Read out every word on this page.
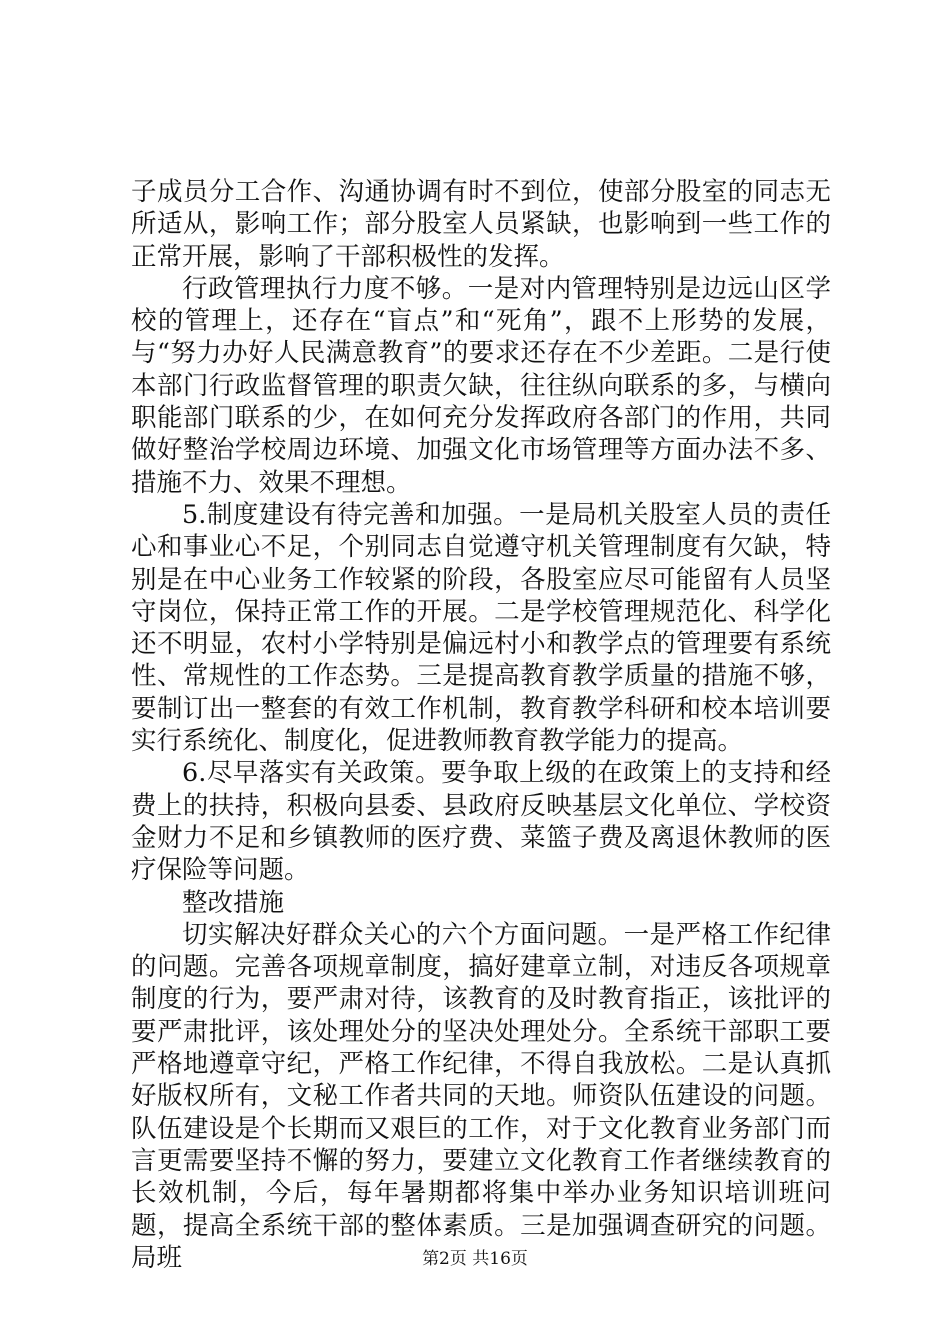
子成员分工合作、沟通协调有时不到位，使部分股室的同志无所适从，影响工作；部分股室人员紧缺，也影响到一些工作的正常开展，影响了干部积极性的发挥。

行政管理执行力度不够。一是对内管理特别是边远山区学校的管理上，还存在“盲点”和“死角”，跟不上形势的发展，与“努力办好人民满意教育”的要求还存在不少差距。二是行使本部门行政监督管理的职责欠缺，往往纵向联系的多，与横向职能部门联系的少，在如何充分发挥政府各部门的作用，共同做好整治学校周边环境、加强文化市场管理等方面办法不多、措施不力、效果不理想。

5.制度建设有待完善和加强。一是局机关股室人员的责任心和事业心不足，个别同志自觉遵守机关管理制度有欠缺，特别是在中心业务工作较紧的阶段，各股室应尽可能留有人员坚守岗位，保持正常工作的开展。二是学校管理规范化、科学化还不明显，农村小学特别是偏远村小和教学点的管理要有系统性、常规性的工作态势。三是提高教育教学质量的措施不够，要制订出一整套的有效工作机制，教育教学科研和校本培训要实行系统化、制度化，促进教师教育教学能力的提高。

6.尽早落实有关政策。要争取上级的在政策上的支持和经费上的扶持，积极向县委、县政府反映基层文化单位、学校资金财力不足和乡镇教师的医疗费、菜篮子费及离退休教师的医疗保险等问题。

整改措施

切实解决好群众关心的六个方面问题。一是严格工作纪律的问题。完善各项规章制度，搞好建章立制，对违反各项规章制度的行为，要严肃对待，该教育的及时教育指正，该批评的要严肃批评，该处理处分的坚决处理处分。全系统干部职工要严格地遵章守纪，严格工作纪律，不得自我放松。二是认真抓好版权所有，文秘工作者共同的天地。师资队伍建设的问题。队伍建设是个长期而又艰巨的工作，对于文化教育业务部门而言更需要坚持不懈的努力，要建立文化教育工作者继续教育的长效机制，今后，每年暑期都将集中举办业务知识培训班问题，提高全系统干部的整体素质。三是加强调查研究的问题。局班	第2页 共16页
